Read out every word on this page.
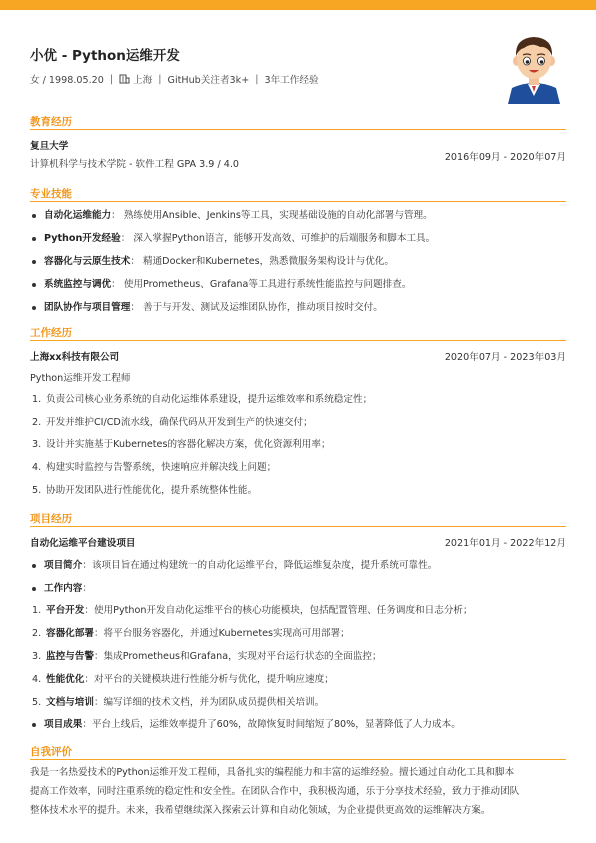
小优 - Python运维开发
女 / 1998.05.20 | 上海 | GitHub关注者3k+ | 3年工作经验
教育经历
复旦大学
计算机科学与技术学院 - 软件工程 GPA 3.9 / 4.0
2016年09月 - 2020年07月
专业技能
自动化运维能力： 熟练使用Ansible、Jenkins等工具，实现基础设施的自动化部署与管理。
Python开发经验： 深入掌握Python语言，能够开发高效、可维护的后端服务和脚本工具。
容器化与云原生技术： 精通Docker和Kubernetes，熟悉微服务架构设计与优化。
系统监控与调优： 使用Prometheus、Grafana等工具进行系统性能监控与问题排查。
团队协作与项目管理： 善于与开发、测试及运维团队协作，推动项目按时交付。
工作经历
上海xx科技有限公司	2020年07月 - 2023年03月
Python运维开发工程师
1. 负责公司核心业务系统的自动化运维体系建设，提升运维效率和系统稳定性；
2. 开发并维护CI/CD流水线，确保代码从开发到生产的快速交付；
3. 设计并实施基于Kubernetes的容器化解决方案，优化资源利用率；
4. 构建实时监控与告警系统，快速响应并解决线上问题；
5. 协助开发团队进行性能优化，提升系统整体性能。
项目经历
自动化运维平台建设项目	2021年01月 - 2022年12月
项目简介：该项目旨在通过构建统一的自动化运维平台，降低运维复杂度，提升系统可靠性。
工作内容：
1. 平台开发：使用Python开发自动化运维平台的核心功能模块，包括配置管理、任务调度和日志分析；
2. 容器化部署：将平台服务容器化，并通过Kubernetes实现高可用部署；
3. 监控与告警：集成Prometheus和Grafana，实现对平台运行状态的全面监控；
4. 性能优化：对平台的关键模块进行性能分析与优化，提升响应速度；
5. 文档与培训：编写详细的技术文档，并为团队成员提供相关培训。
项目成果：平台上线后，运维效率提升了60%，故障恢复时间缩短了80%，显著降低了人力成本。
自我评价
我是一名热爱技术的Python运维开发工程师，具备扎实的编程能力和丰富的运维经验。擅长通过自动化工具和脚本
提高工作效率，同时注重系统的稳定性和安全性。在团队合作中，我积极沟通，乐于分享技术经验，致力于推动团队
整体技术水平的提升。未来，我希望继续深入探索云计算和自动化领域，为企业提供更高效的运维解决方案。
